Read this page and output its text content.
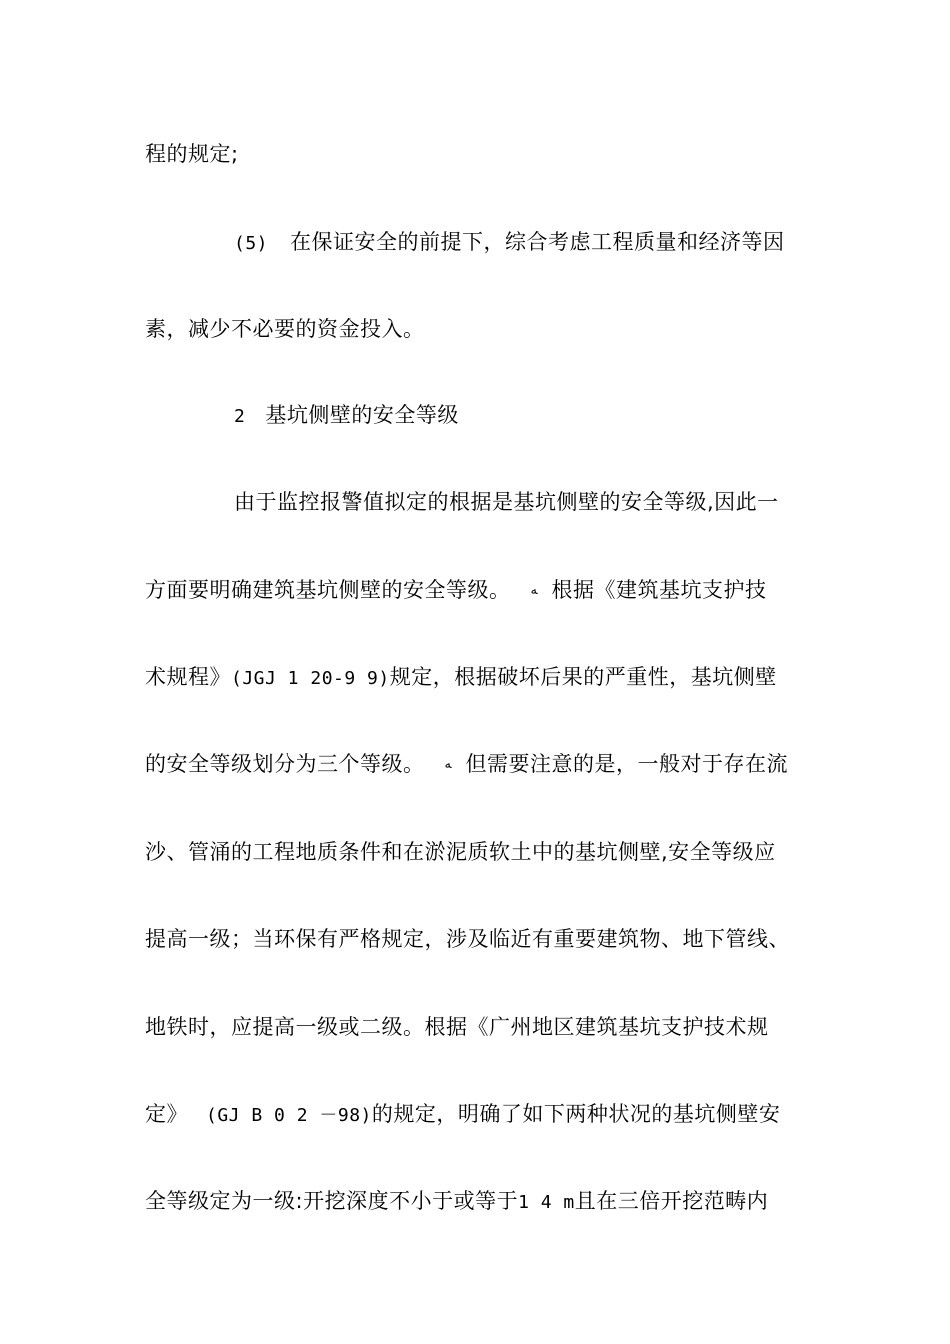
程的规定;
(5) 在保证安全的前提下，综合考虑工程质量和经济等因
素，减少不必要的资金投入。
2 基坑侧壁的安全等级
由于监控报警值拟定的根据是基坑侧壁的安全等级,因此一
方面要明确建筑基坑侧壁的安全等级。 ﻪ 根据《建筑基坑支护技
术规程》(JGJ 1 20-9 9)规定，根据破坏后果的严重性，基坑侧壁
的安全等级划分为三个等级。 ﻪ 但需要注意的是，一般对于存在流
沙、管涌的工程地质条件和在淤泥质软土中的基坑侧壁,安全等级应
提高一级；当环保有严格规定，涉及临近有重要建筑物、地下管线、
地铁时，应提高一级或二级。根据《广州地区建筑基坑支护技术规
定》 (GJ B 0 2 －98)的规定，明确了如下两种状况的基坑侧壁安
全等级定为一级:开挖深度不小于或等于1 4 m且在三倍开挖范畴内
